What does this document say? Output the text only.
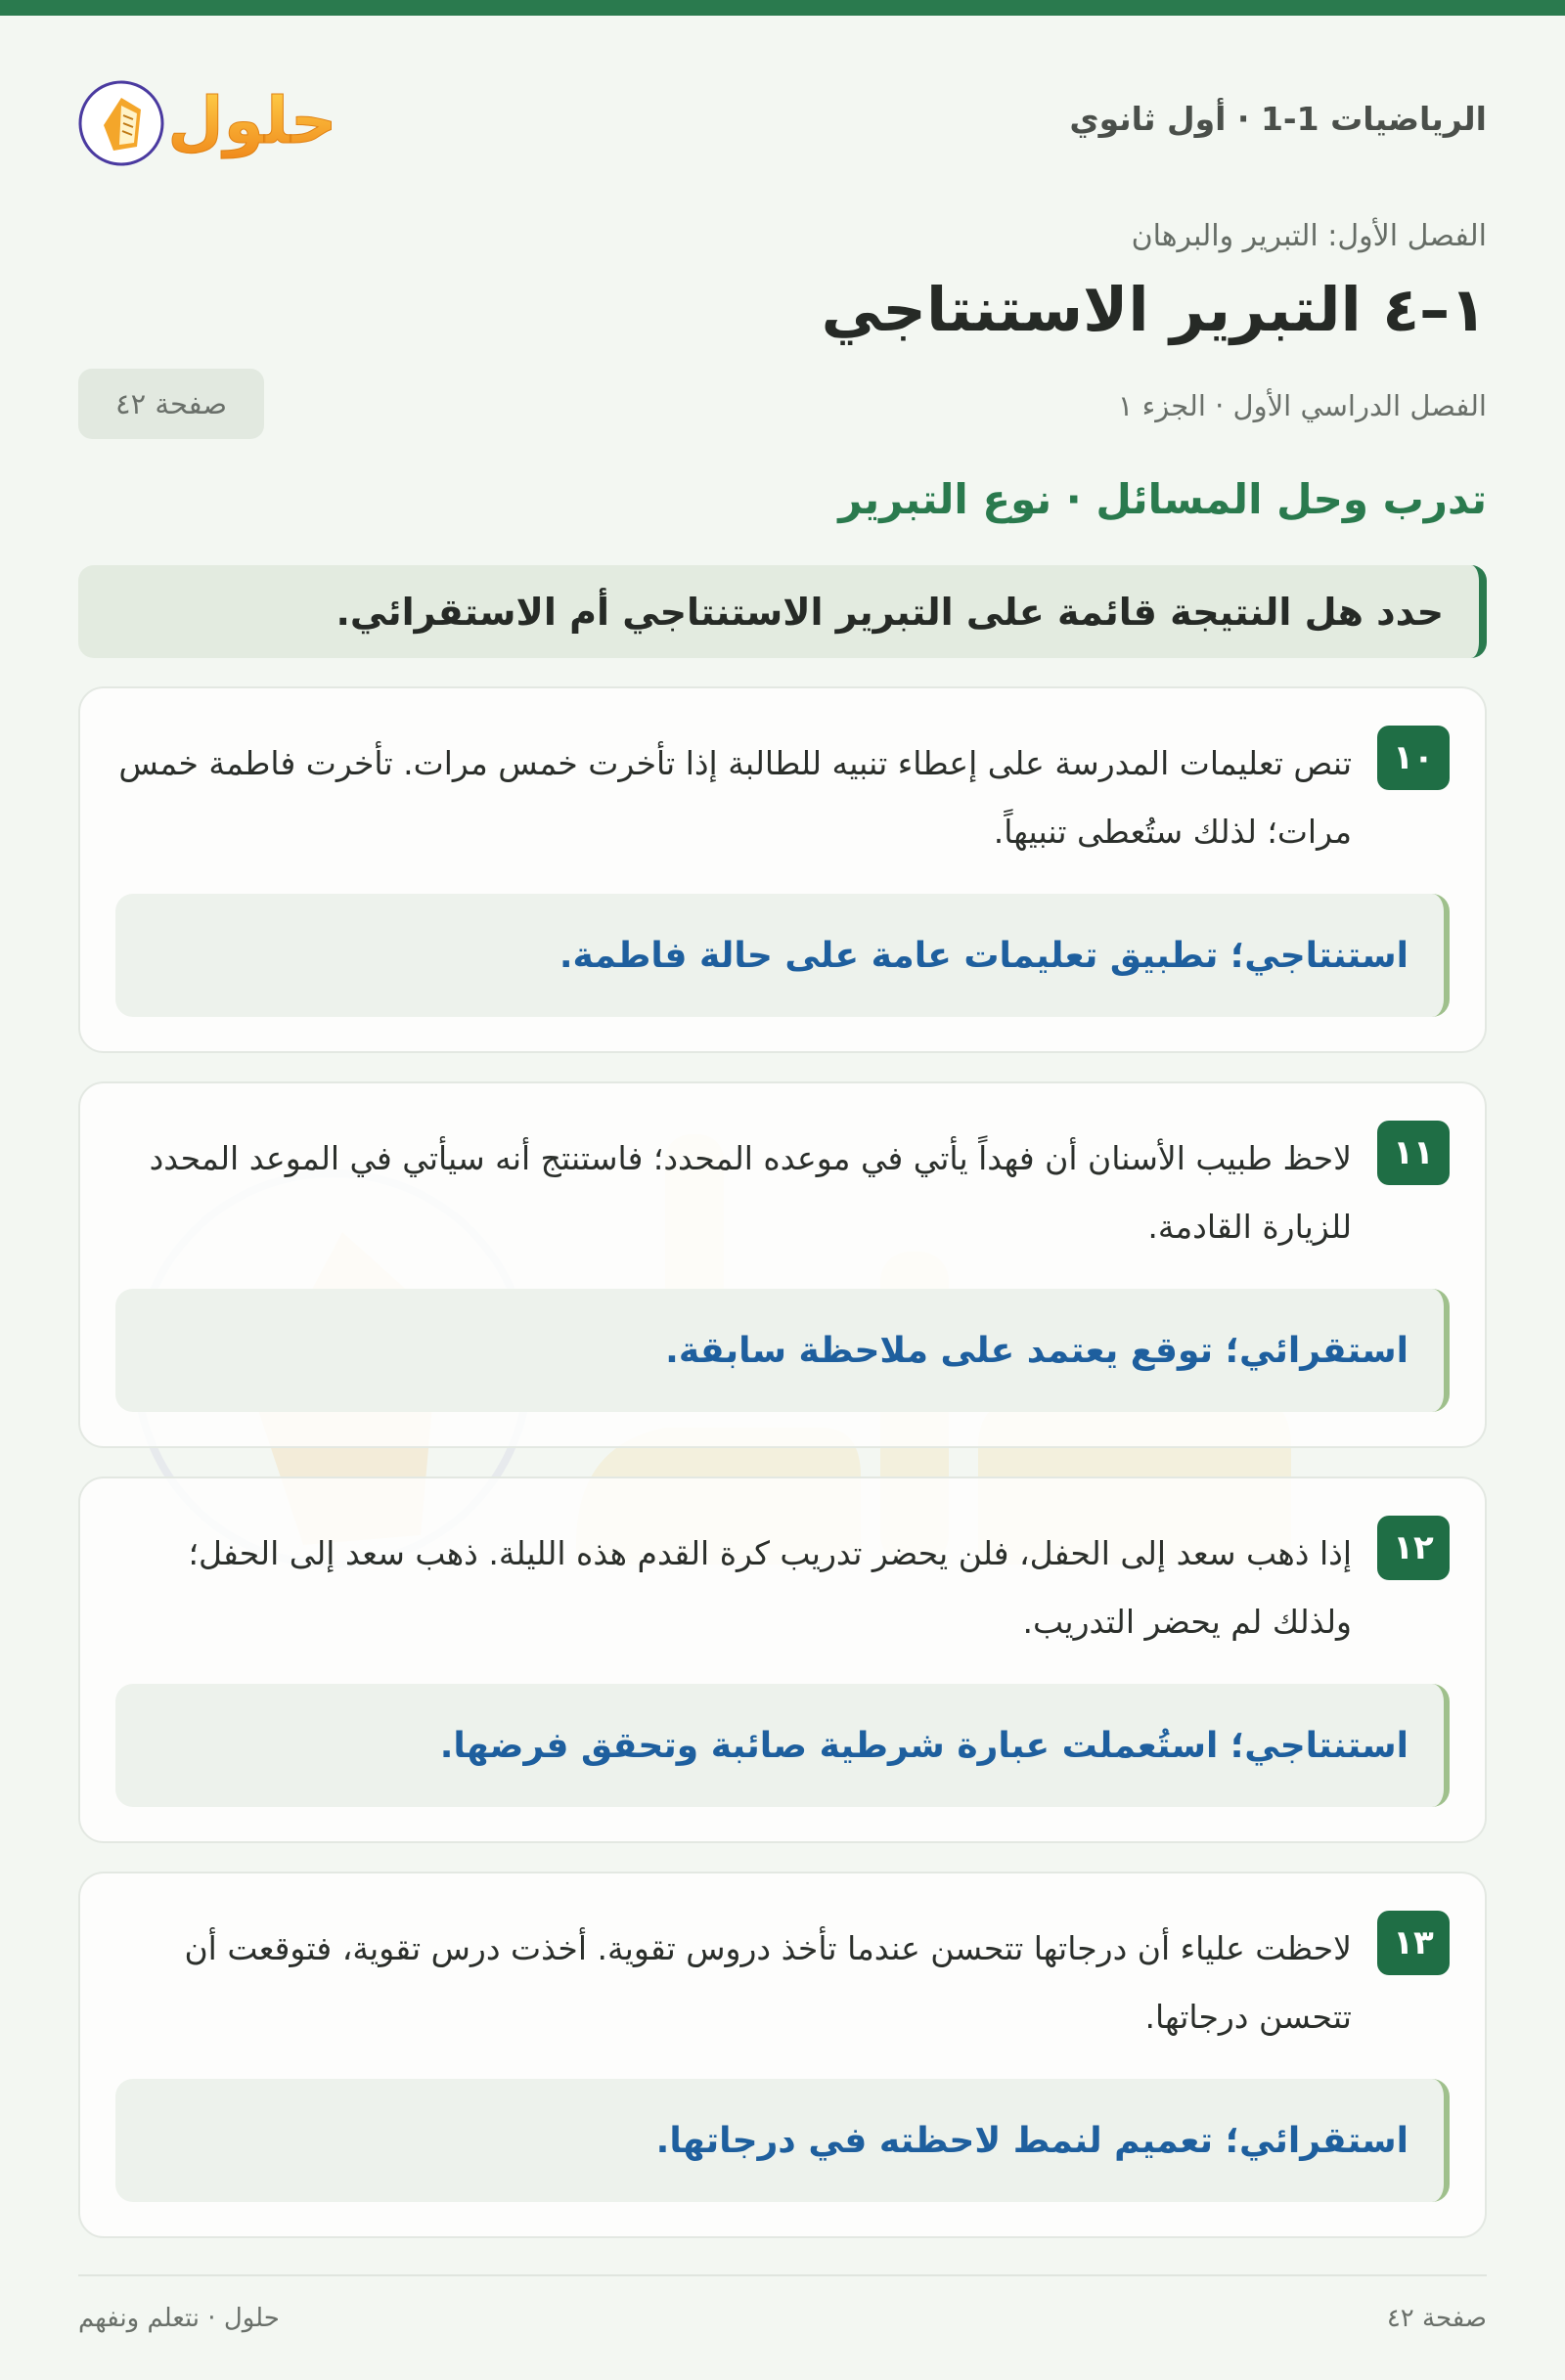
الرياضيات 1-1 · أول ثانوي
حلول
الفصل الأول: التبرير والبرهان
١–٤ التبرير الاستنتاجي
الفصل الدراسي الأول · الجزء ١
صفحة ٤٢
تدرب وحل المسائل · نوع التبرير
حدد هل النتيجة قائمة على التبرير الاستنتاجي أم الاستقرائي.
١٠

تنص تعليمات المدرسة على إعطاء تنبيه للطالبة إذا تأخرت خمس مرات. تأخرت فاطمة خمس مرات؛ لذلك ستُعطى تنبيهاً.

استنتاجي؛ تطبيق تعليمات عامة على حالة فاطمة.
١١

لاحظ طبيب الأسنان أن فهداً يأتي في موعده المحدد؛ فاستنتج أنه سيأتي في الموعد المحدد للزيارة القادمة.

استقرائي؛ توقع يعتمد على ملاحظة سابقة.
١٢

إذا ذهب سعد إلى الحفل، فلن يحضر تدريب كرة القدم هذه الليلة. ذهب سعد إلى الحفل؛ ولذلك لم يحضر التدريب.

استنتاجي؛ استُعملت عبارة شرطية صائبة وتحقق فرضها.
١٣

لاحظت علياء أن درجاتها تتحسن عندما تأخذ دروس تقوية. أخذت درس تقوية، فتوقعت أن تتحسن درجاتها.

استقرائي؛ تعميم لنمط لاحظته في درجاتها.
صفحة ٤٢
حلول · نتعلم ونفهم
